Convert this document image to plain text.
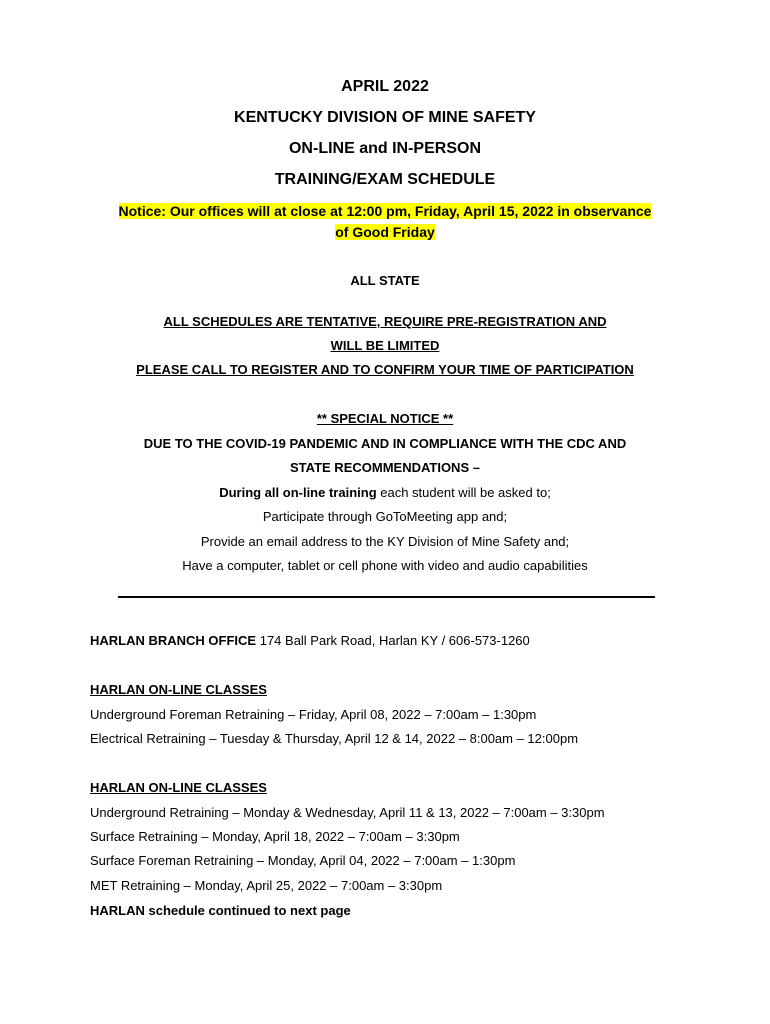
APRIL 2022
KENTUCKY DIVISION OF MINE SAFETY
ON-LINE and IN-PERSON
TRAINING/EXAM SCHEDULE
Notice: Our offices will at close at 12:00 pm, Friday, April 15, 2022 in observance
of Good Friday
ALL STATE
ALL SCHEDULES ARE TENTATIVE, REQUIRE PRE-REGISTRATION AND
WILL BE LIMITED
PLEASE CALL TO REGISTER AND TO CONFIRM YOUR TIME OF PARTICIPATION
** SPECIAL NOTICE **
DUE TO THE COVID-19 PANDEMIC AND IN COMPLIANCE WITH THE CDC AND
STATE RECOMMENDATIONS –
During all on-line training each student will be asked to;
Participate through GoToMeeting app and;
Provide an email address to the KY Division of Mine Safety and;
Have a computer, tablet or cell phone with video and audio capabilities
HARLAN BRANCH OFFICE 174 Ball Park Road, Harlan KY / 606-573-1260
HARLAN ON-LINE CLASSES
Underground Foreman Retraining – Friday, April 08, 2022 – 7:00am – 1:30pm
Electrical Retraining – Tuesday & Thursday, April 12 & 14, 2022 – 8:00am – 12:00pm
HARLAN ON-LINE CLASSES
Underground Retraining – Monday & Wednesday, April 11 & 13, 2022 – 7:00am – 3:30pm
Surface Retraining – Monday, April 18, 2022 – 7:00am – 3:30pm
Surface Foreman Retraining – Monday, April 04, 2022 – 7:00am – 1:30pm
MET Retraining – Monday, April 25, 2022 – 7:00am – 3:30pm
HARLAN schedule continued to next page
